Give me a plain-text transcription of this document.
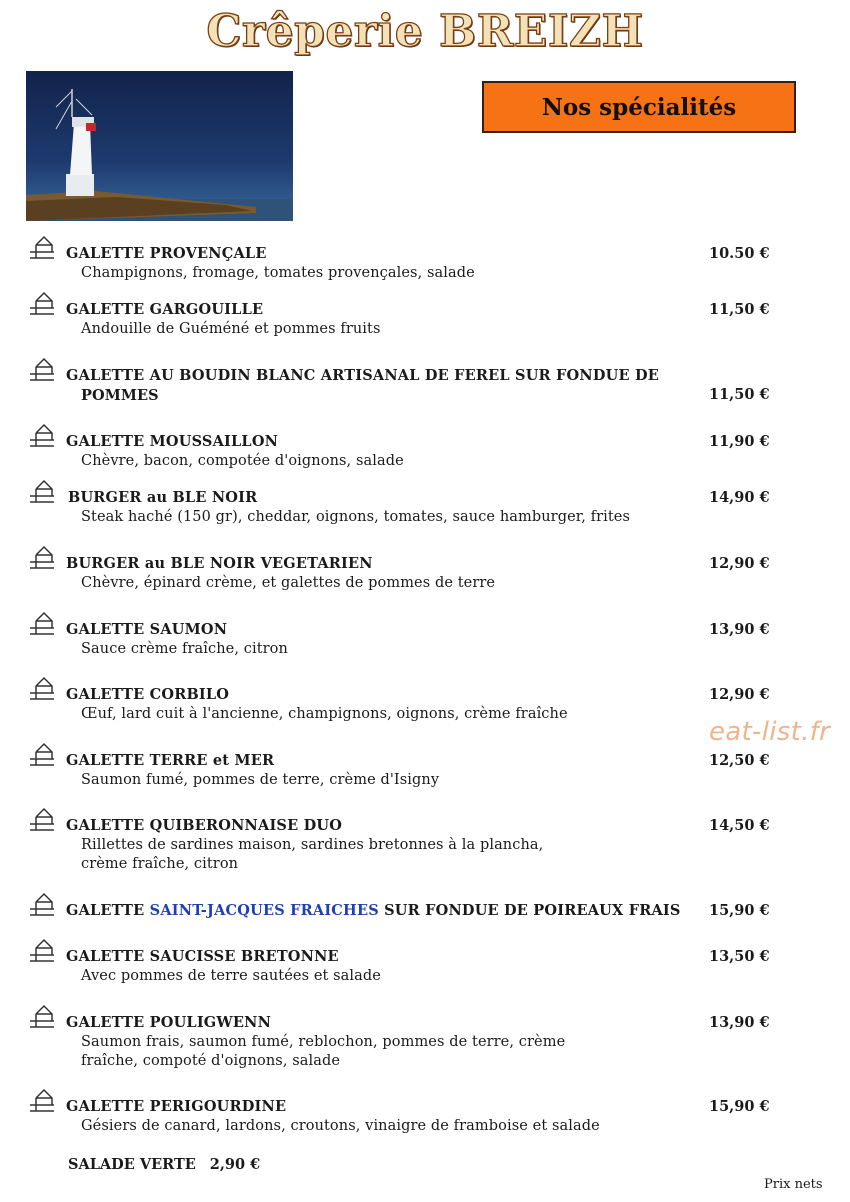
Crêperie BREIZH
Nos spécialités
GALETTE PROVENÇALE
Champignons, fromage, tomates provençales, salade
10.50 €
GALETTE GARGOUILLE
Andouille de Guéméné et pommes fruits
11,50 €
GALETTE AU BOUDIN BLANC ARTISANAL DE FEREL SUR FONDUE DE
POMMES	11,50 €
GALETTE MOUSSAILLON
Chèvre, bacon, compotée d'oignons, salade
11,90 €
BURGER au BLE NOIR
Steak haché (150 gr), cheddar, oignons, tomates, sauce hamburger, frites
14,90 €
BURGER au BLE NOIR VEGETARIEN
Chèvre, épinard crème, et galettes de pommes de terre
12,90 €
GALETTE SAUMON
Sauce crème fraîche, citron
13,90 €
GALETTE CORBILO
Œuf, lard cuit à l'ancienne, champignons, oignons, crème fraîche
12,90 €
GALETTE TERRE et MER
Saumon fumé, pommes de terre, crème d'Isigny
12,50 €
GALETTE QUIBERONNAISE DUO
Rillettes de sardines maison, sardines bretonnes à la plancha,
crème fraîche, citron
14,50 €
GALETTE SAINT-JACQUES FRAICHES SUR FONDUE DE POIREAUX FRAIS 15,90 €
GALETTE SAUCISSE BRETONNE
Avec pommes de terre sautées et salade
13,50 €
GALETTE POULIGWENN
Saumon frais, saumon fumé, reblochon, pommes de terre, crème
fraîche, compoté d'oignons, salade
13,90 €
GALETTE PERIGOURDINE
Gésiers de canard, lardons, croutons, vinaigre de framboise et salade
15,90 €
eat-list.fr
SALADE VERTE 2,90 €
Prix nets
